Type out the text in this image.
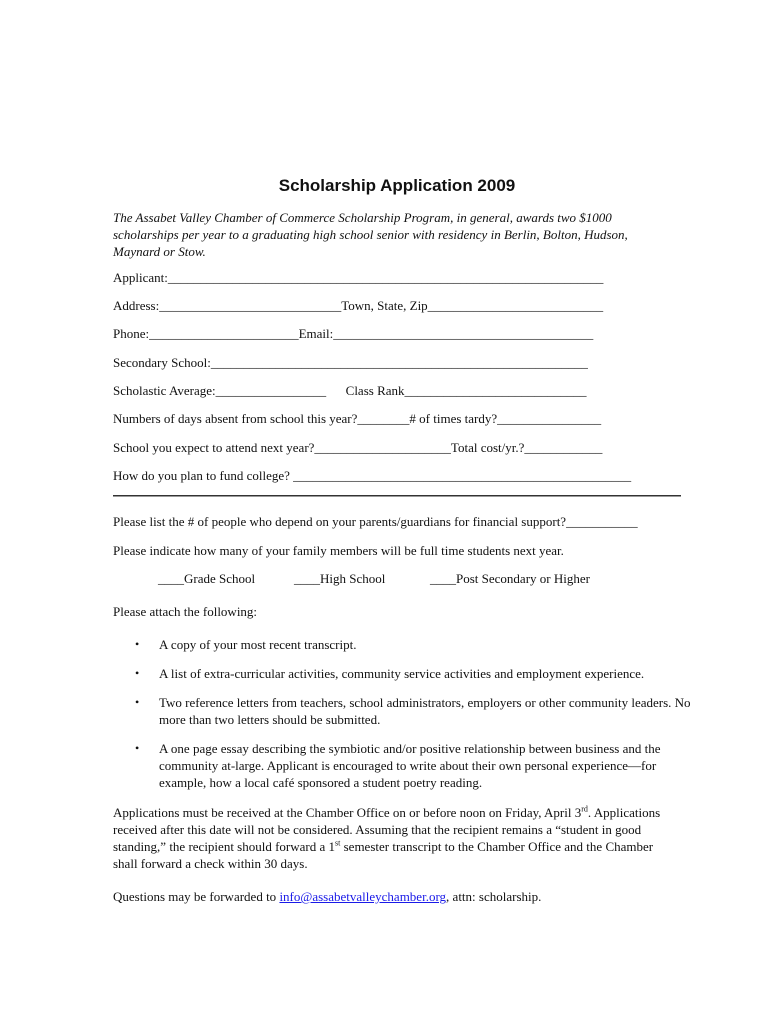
Scholarship Application 2009

The Assabet Valley Chamber of Commerce Scholarship Program, in general, awards two $1000 scholarships per year to a graduating high school senior with residency in Berlin, Bolton, Hudson, Maynard or Stow.

Applicant:___________________________________________________________________

Address:____________________________Town, State, Zip___________________________

Phone:_______________________Email:________________________________________

Secondary School:__________________________________________________________

Scholastic Average:_________________      Class Rank____________________________

Numbers of days absent from school this year?________# of times tardy?________________

School you expect to attend next year?_____________________Total cost/yr.?____________

How do you plan to fund college? ____________________________________________________

Please list the # of people who depend on your parents/guardians for financial support?___________

Please indicate how many of your family members will be full time students next year.

____Grade School	____High School	____Post Secondary or Higher

Please attach the following:

• A copy of your most recent transcript.
• A list of extra-curricular activities, community service activities and employment experience.
• Two reference letters from teachers, school administrators, employers or other community leaders. No more than two letters should be submitted.
• A one page essay describing the symbiotic and/or positive relationship between business and the community at-large. Applicant is encouraged to write about their own personal experience—for example, how a local café sponsored a student poetry reading.

Applications must be received at the Chamber Office on or before noon on Friday, April 3rd. Applications received after this date will not be considered. Assuming that the recipient remains a “student in good standing,” the recipient should forward a 1st semester transcript to the Chamber Office and the Chamber shall forward a check within 30 days.

Questions may be forwarded to info@assabetvalleychamber.org, attn: scholarship.
